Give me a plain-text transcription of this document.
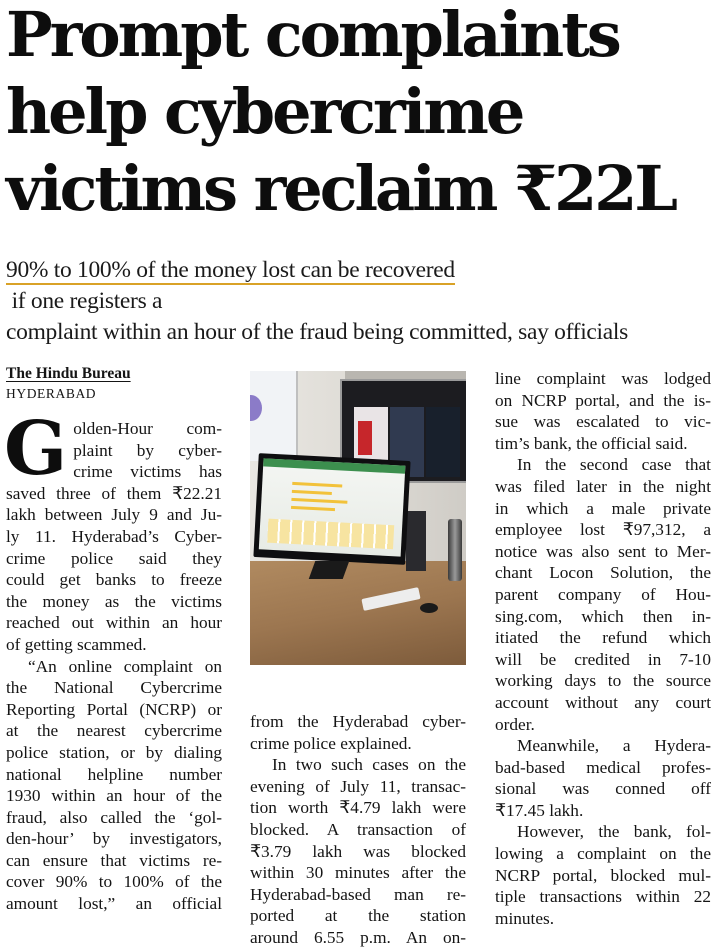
Prompt complaints
help cybercrime
victims reclaim ₹22L
90% to 100% of the money lost can be recovered
if one registers a
complaint within an hour of the fraud being committed, say officials
The Hindu Bureau
HYDERABAD
G olden-Hour com-
plaint by cyber-
crime victims has
saved three of them ₹22.21
lakh between July 9 and Ju-
ly 11. Hyderabad’s Cyber-
crime police said they
could get banks to freeze
the money as the victims
reached out within an hour
of getting scammed.
“An online complaint on
the National Cybercrime
Reporting Portal (NCRP) or
at the nearest cybercrime
police station, or by dialing
national helpline number
1930 within an hour of the
fraud, also called the ‘gol-
den-hour’ by investigators,
can ensure that victims re-
cover 90% to 100% of the
amount lost,” an official
from the Hyderabad cyber-
crime police explained.
In two such cases on the
evening of July 11, transac-
tion worth ₹4.79 lakh were
blocked. A transaction of
₹3.79 lakh was blocked
within 30 minutes after the
Hyderabad-based man re-
ported at the station
around 6.55 p.m. An on-
line complaint was lodged
on NCRP portal, and the is-
sue was escalated to vic-
tim’s bank, the official said.
In the second case that
was filed later in the night
in which a male private
employee lost ₹97,312, a
notice was also sent to Mer-
chant Locon Solution, the
parent company of Hou-
sing.com, which then in-
itiated the refund which
will be credited in 7-10
working days to the source
account without any court
order.
Meanwhile, a Hydera-
bad-based medical profes-
sional was conned off
₹17.45 lakh.
However, the bank, fol-
lowing a complaint on the
NCRP portal, blocked mul-
tiple transactions within 22
minutes.
